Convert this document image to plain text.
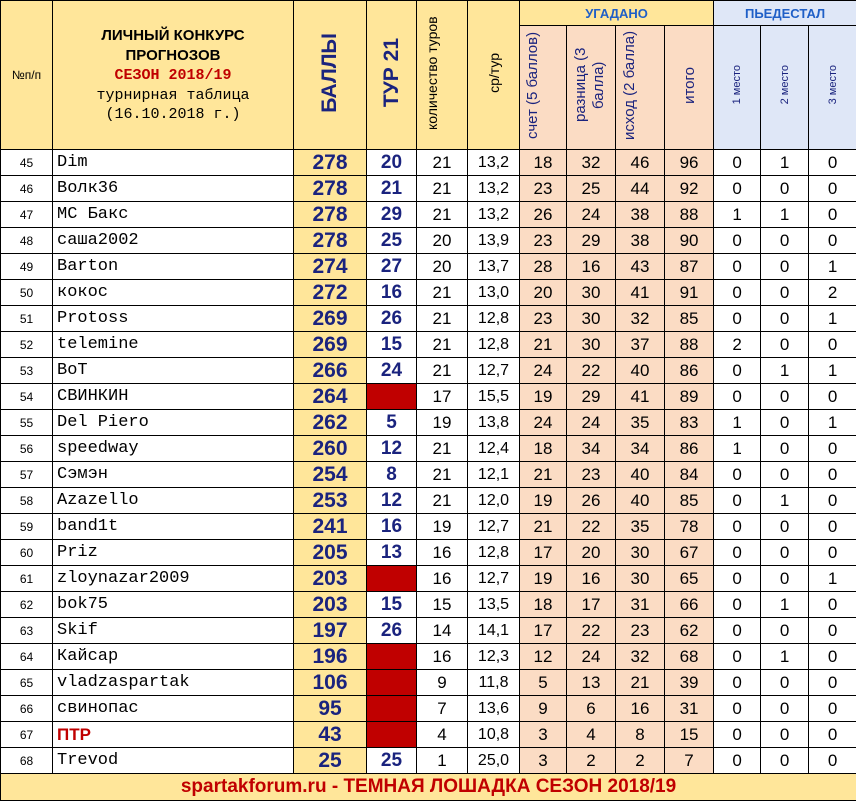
№п/п	ЛИЧНЫЙ КОНКУРС
ПРОГНОЗОВ
СЕЗОН 2018/19
турнирная таблица
(16.10.2018 г.)	БАЛЛЫ	ТУР 21	количество туров	ср/тур	УГАДАНО				ПЬЕДЕСТАЛ		
						счет (5 баллов)	разница (3 балла)	исход (2 балла)	итого	1 место	2 место	3 место
45	Dim	278	20	21	13,2	18	32	46	96	0	1	0
46	Волк36	278	21	21	13,2	23	25	44	92	0	0	0
47	MC Бакс	278	29	21	13,2	26	24	38	88	1	1	0
48	саша2002	278	25	20	13,9	23	29	38	90	0	0	0
49	Barton	274	27	20	13,7	28	16	43	87	0	0	1
50	кокос	272	16	21	13,0	20	30	41	91	0	0	2
51	Protoss	269	26	21	12,8	23	30	32	85	0	0	1
52	telemine	269	15	21	12,8	21	30	37	88	2	0	0
53	BoT	266	24	21	12,7	24	22	40	86	0	1	1
54	СВИНКИН	264		17	15,5	19	29	41	89	0	0	0
55	Del Piero	262	5	19	13,8	24	24	35	83	1	0	1
56	speedway	260	12	21	12,4	18	34	34	86	1	0	0
57	Сэмэн	254	8	21	12,1	21	23	40	84	0	0	0
58	Azazello	253	12	21	12,0	19	26	40	85	0	1	0
59	band1t	241	16	19	12,7	21	22	35	78	0	0	0
60	Priz	205	13	16	12,8	17	20	30	67	0	0	0
61	zloynazar2009	203		16	12,7	19	16	30	65	0	0	1
62	bok75	203	15	15	13,5	18	17	31	66	0	1	0
63	Skif	197	26	14	14,1	17	22	23	62	0	0	0
64	Кайсар	196		16	12,3	12	24	32	68	0	1	0
65	vladzaspartak	106		9	11,8	5	13	21	39	0	0	0
66	свинопас	95		7	13,6	9	6	16	31	0	0	0
67	ПТР	43		4	10,8	3	4	8	15	0	0	0
68	Trevod	25	25	1	25,0	3	2	2	7	0	0	0
spartakforum.ru - ТЕМНАЯ ЛОШАДКА СЕЗОН 2018/19												
